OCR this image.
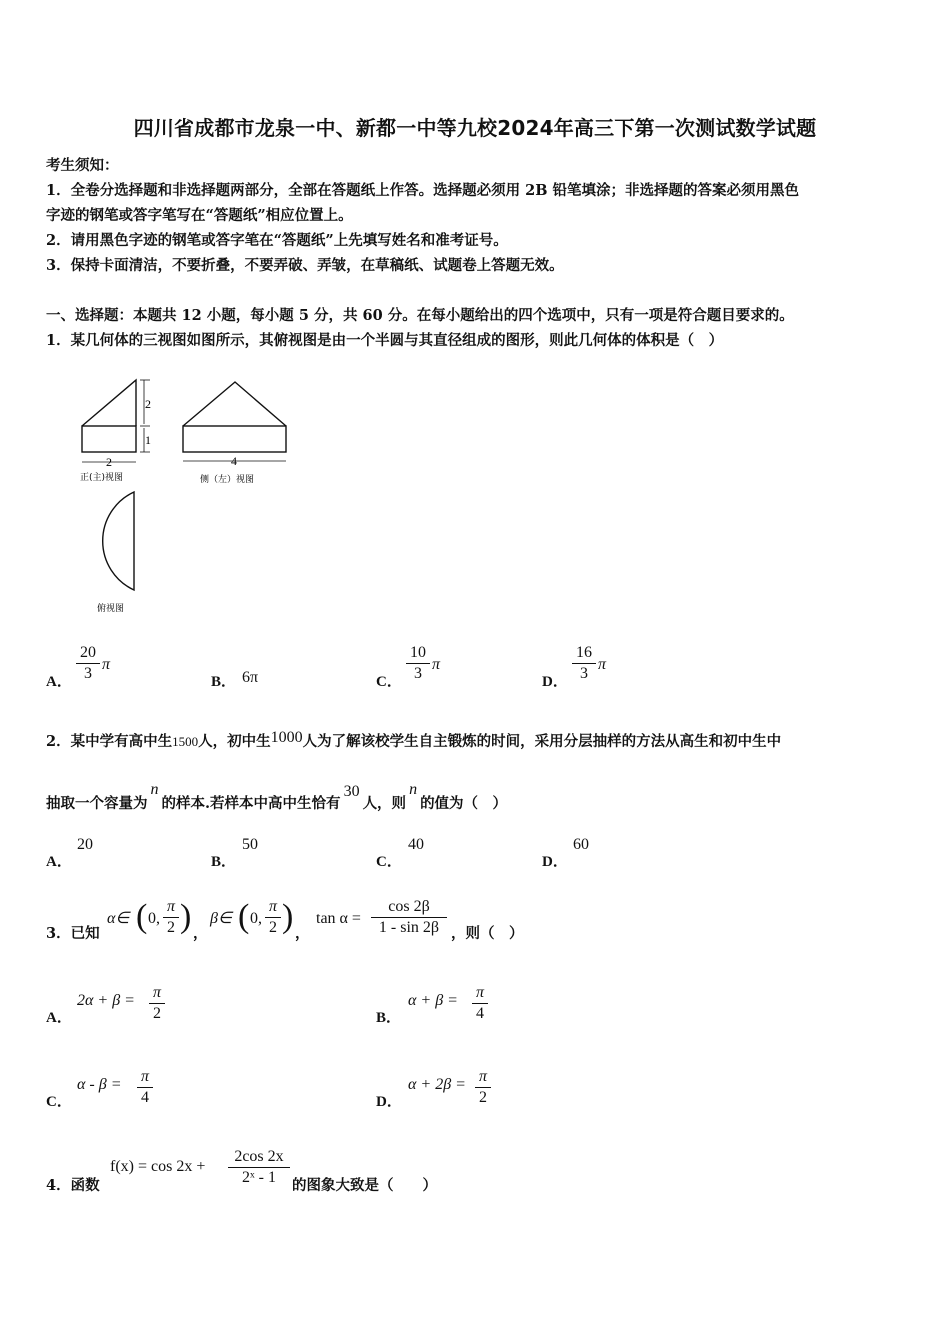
四川省成都市龙泉一中、新都一中等九校2024年高三下第一次测试数学试题
考生须知：
1．全卷分选择题和非选择题两部分，全部在答题纸上作答。选择题必须用 2B 铅笔填涂；非选择题的答案必须用黑色
字迹的钢笔或答字笔写在“答题纸”相应位置上。
2．请用黑色字迹的钢笔或答字笔在“答题纸”上先填写姓名和准考证号。
3．保持卡面清洁，不要折叠，不要弄破、弄皱，在草稿纸、试题卷上答题无效。
一、选择题：本题共 12 小题，每小题 5 分，共 60 分。在每小题给出的四个选项中，只有一项是符合题目要求的。
1．某几何体的三视图如图所示，其俯视图是由一个半圆与其直径组成的图形，则此几何体的体积是（　）
2
1
2
正(主)视图
4
侧（左）视图
俯视图
A．
20
3
π
B． 6π	C．
10
3
π
D．
16
3
π
2．某中学有高中生1500人，初中生1000人为了解该校学生自主锻炼的时间，采用分层抽样的方法从高生和初中生中
抽取一个容量为n的样本.若样本中高中生恰有30人，则n的值为（　）
A．
20
B．
50
C．
40
D．
60
3．已知
α∈ ( 0,
π
2 ) ，
β∈ ( 0,
π
2 ) ，
tan α =
cos 2β
1 - sin 2β ，则（　）
A．
2α + β = π
2	B．
α + β = π
4
C．
α - β = π
4	D．
α + 2β = π
2
4．函数
f(x) = cos 2x +
2cos 2x
2ˣ - 1	的图象大致是（　　）
